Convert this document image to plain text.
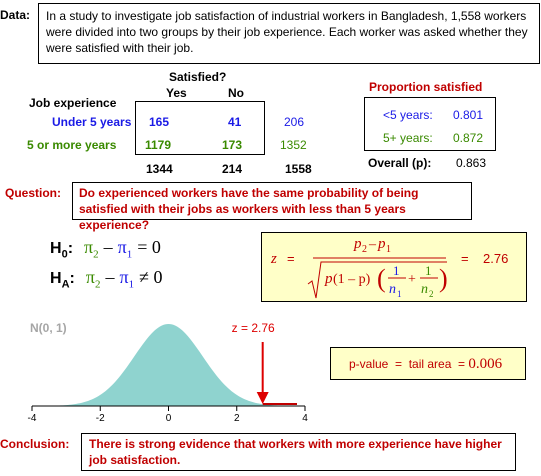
Data:	In a study to investigate job satisfaction of industrial workers in Bangladesh, 1,558 workers were divided into two groups by their job experience. Each worker was asked whether they were satisfied with their job.
Satisfied?
Yes	No
Job experience
Under 5 years 165	41	206
5 or more years 1179	173	1352
1344	214	1558
Proportion satisfied
<5 years: 0.801
5+ years: 0.872
Overall (p): 0.863
Question:	Do experienced workers have the same probability of being satisfied with their jobs as workers with less than 5 years experience?
$H_0$: $\pi_2 - \pi_1 = 0$
$H_A$: $\pi_2 - \pi_1 \ne 0$
z =
p 2 – p 1
p (1 – p) ( 1
n 1
+
1
n 2
)
= 2.76
N(0, 1)
-4	-2	0	2	4
z = 2.76
p-value  =  tail area  = 0.006
Conclusion:	There is strong evidence that workers with more experience have higher job satisfaction.
